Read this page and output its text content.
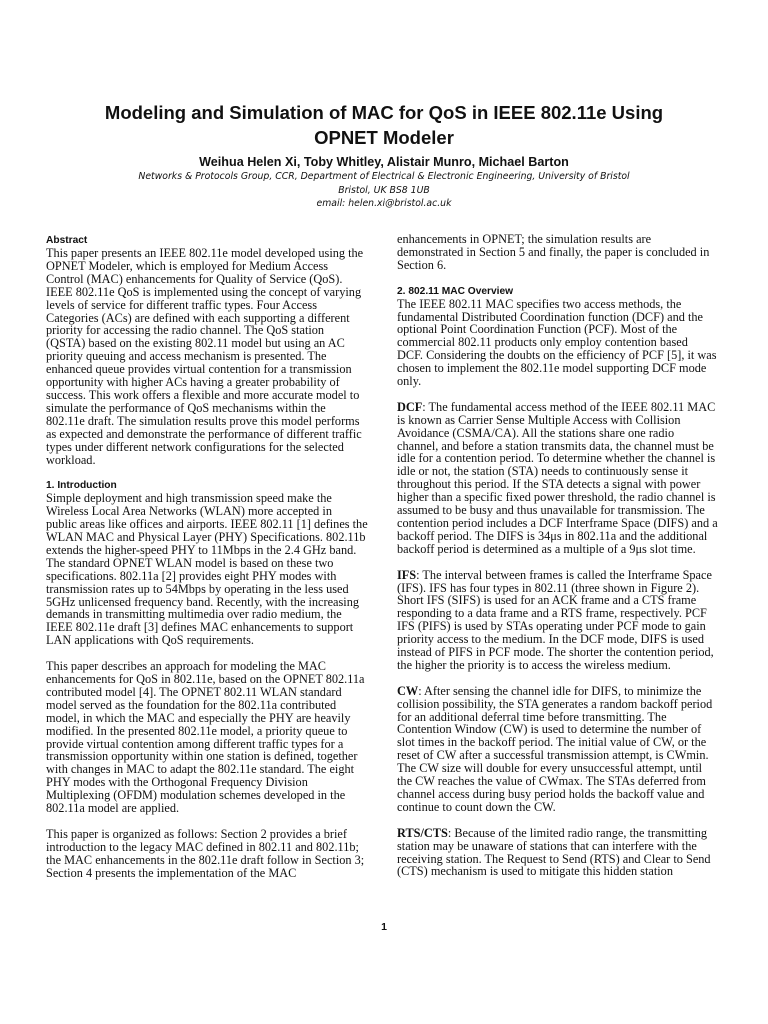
Modeling and Simulation of MAC for QoS in IEEE 802.11e Using
OPNET Modeler
Weihua Helen Xi, Toby Whitley, Alistair Munro, Michael Barton
Networks & Protocols Group, CCR, Department of Electrical & Electronic Engineering, University of Bristol
Bristol, UK BS8 1UB
email: helen.xi@bristol.ac.uk
Abstract

This paper presents an IEEE 802.11e model developed using the
OPNET Modeler, which is employed for Medium Access
Control (MAC) enhancements for Quality of Service (QoS).
IEEE 802.11e QoS is implemented using the concept of varying
levels of service for different traffic types. Four Access
Categories (ACs) are defined with each supporting a different
priority for accessing the radio channel. The QoS station
(QSTA) based on the existing 802.11 model but using an AC
priority queuing and access mechanism is presented. The
enhanced queue provides virtual contention for a transmission
opportunity with higher ACs having a greater probability of
success. This work offers a flexible and more accurate model to
simulate the performance of QoS mechanisms within the
802.11e draft. The simulation results prove this model performs
as expected and demonstrate the performance of different traffic
types under different network configurations for the selected
workload.

1. Introduction

Simple deployment and high transmission speed make the
Wireless Local Area Networks (WLAN) more accepted in
public areas like offices and airports. IEEE 802.11 [1] defines the
WLAN MAC and Physical Layer (PHY) Specifications. 802.11b
extends the higher-speed PHY to 11Mbps in the 2.4 GHz band.
The standard OPNET WLAN model is based on these two
specifications. 802.11a [2] provides eight PHY modes with
transmission rates up to 54Mbps by operating in the less used
5GHz unlicensed frequency band. Recently, with the increasing
demands in transmitting multimedia over radio medium, the
IEEE 802.11e draft [3] defines MAC enhancements to support
LAN applications with QoS requirements.

This paper describes an approach for modeling the MAC
enhancements for QoS in 802.11e, based on the OPNET 802.11a
contributed model [4]. The OPNET 802.11 WLAN standard
model served as the foundation for the 802.11a contributed
model, in which the MAC and especially the PHY are heavily
modified. In the presented 802.11e model, a priority queue to
provide virtual contention among different traffic types for a
transmission opportunity within one station is defined, together
with changes in MAC to adapt the 802.11e standard. The eight
PHY modes with the Orthogonal Frequency Division
Multiplexing (OFDM) modulation schemes developed in the
802.11a model are applied.

This paper is organized as follows: Section 2 provides a brief
introduction to the legacy MAC defined in 802.11 and 802.11b;
the MAC enhancements in the 802.11e draft follow in Section 3;
Section 4 presents the implementation of the MAC

enhancements in OPNET; the simulation results are
demonstrated in Section 5 and finally, the paper is concluded in
Section 6.

2. 802.11 MAC Overview

The IEEE 802.11 MAC specifies two access methods, the
fundamental Distributed Coordination function (DCF) and the
optional Point Coordination Function (PCF). Most of the
commercial 802.11 products only employ contention based
DCF. Considering the doubts on the efficiency of PCF [5], it was
chosen to implement the 802.11e model supporting DCF mode
only.

DCF: The fundamental access method of the IEEE 802.11 MAC
is known as Carrier Sense Multiple Access with Collision
Avoidance (CSMA/CA). All the stations share one radio
channel, and before a station transmits data, the channel must be
idle for a contention period. To determine whether the channel is
idle or not, the station (STA) needs to continuously sense it
throughout this period. If the STA detects a signal with power
higher than a specific fixed power threshold, the radio channel is
assumed to be busy and thus unavailable for transmission. The
contention period includes a DCF Interframe Space (DIFS) and a
backoff period. The DIFS is 34μs in 802.11a and the additional
backoff period is determined as a multiple of a 9μs slot time.

IFS: The interval between frames is called the Interframe Space
(IFS). IFS has four types in 802.11 (three shown in Figure 2).
Short IFS (SIFS) is used for an ACK frame and a CTS frame
responding to a data frame and a RTS frame, respectively. PCF
IFS (PIFS) is used by STAs operating under PCF mode to gain
priority access to the medium. In the DCF mode, DIFS is used
instead of PIFS in PCF mode. The shorter the contention period,
the higher the priority is to access the wireless medium.

CW: After sensing the channel idle for DIFS, to minimize the
collision possibility, the STA generates a random backoff period
for an additional deferral time before transmitting. The
Contention Window (CW) is used to determine the number of
slot times in the backoff period. The initial value of CW, or the
reset of CW after a successful transmission attempt, is CWmin.
The CW size will double for every unsuccessful attempt, until
the CW reaches the value of CWmax. The STAs deferred from
channel access during busy period holds the backoff value and
continue to count down the CW.

RTS/CTS: Because of the limited radio range, the transmitting
station may be unaware of stations that can interfere with the
receiving station. The Request to Send (RTS) and Clear to Send
(CTS) mechanism is used to mitigate this hidden station

1
